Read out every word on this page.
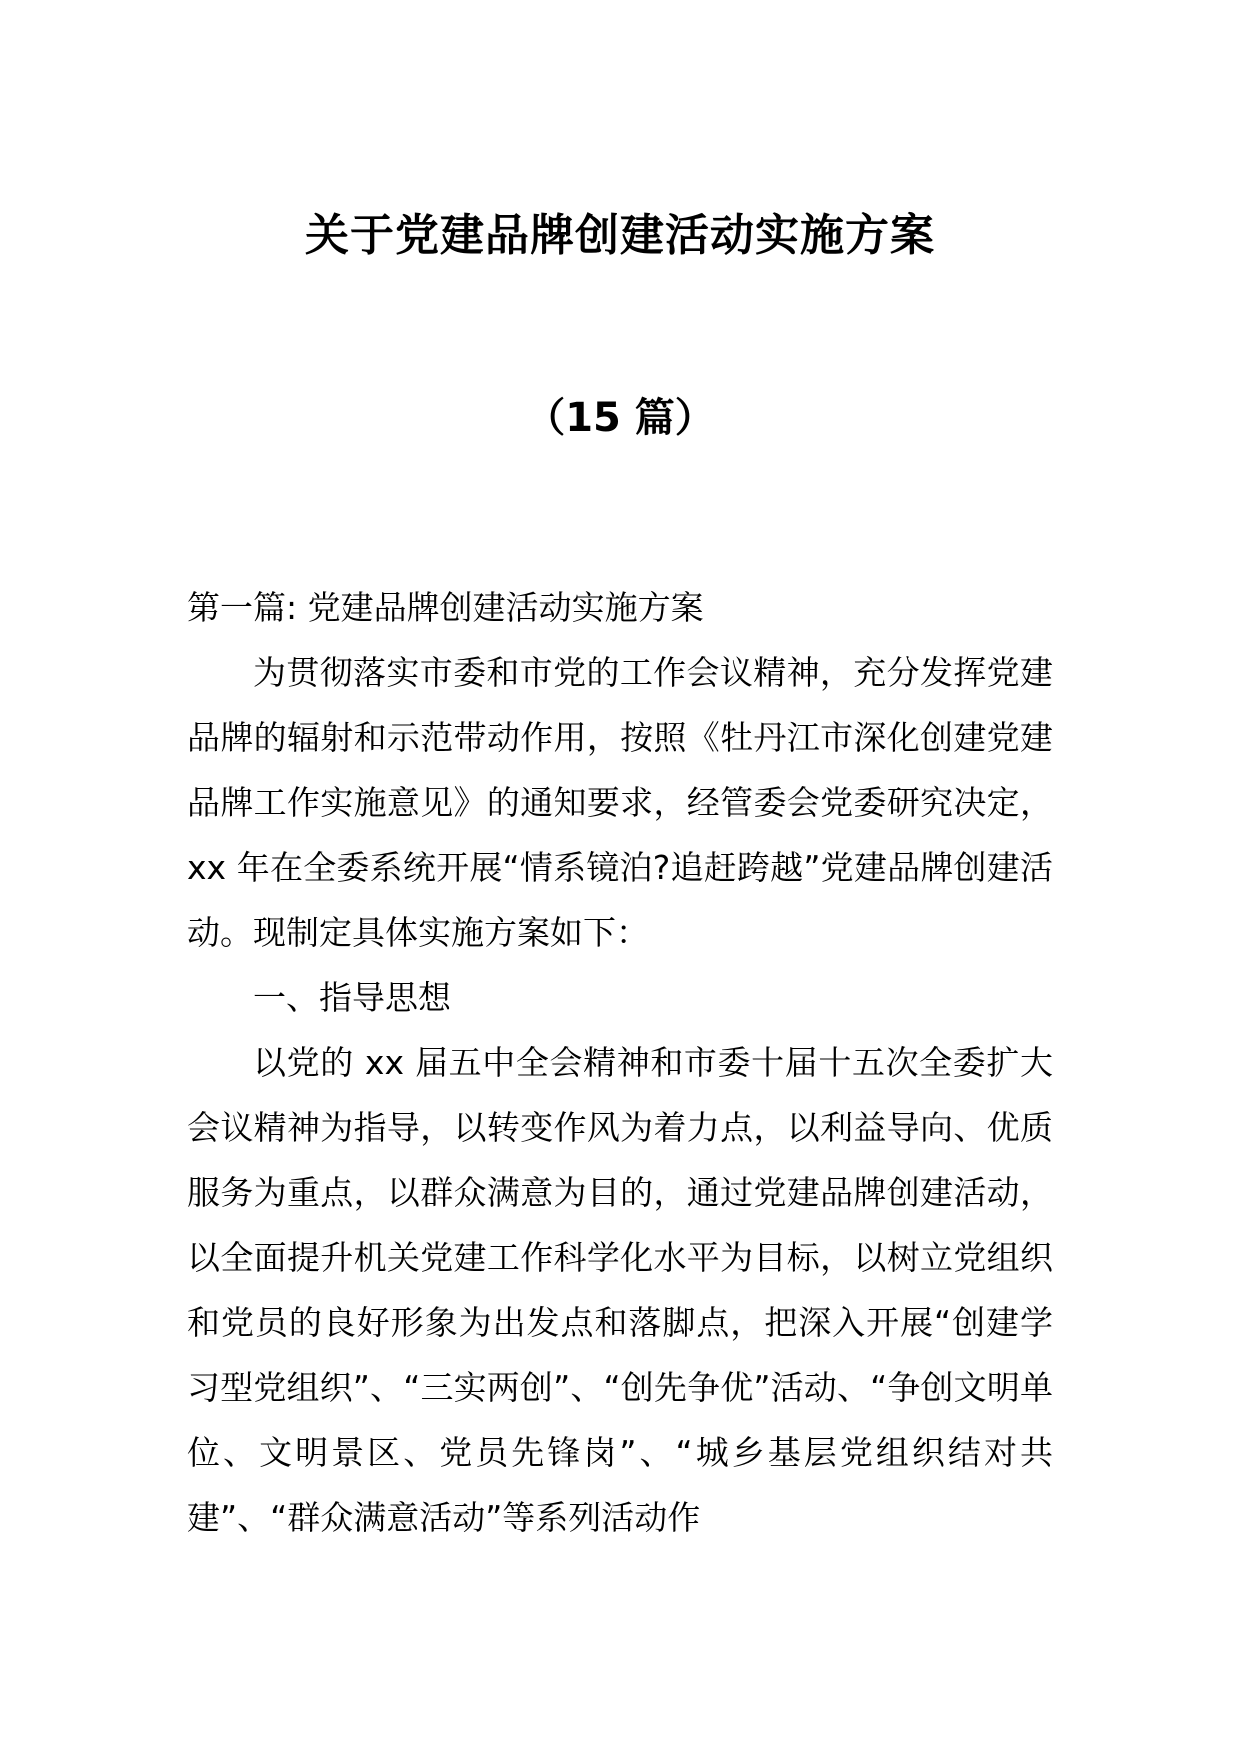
关于党建品牌创建活动实施方案
（15 篇）

第一篇: 党建品牌创建活动实施方案

为贯彻落实市委和市党的工作会议精神，充分发挥党建品牌的辐射和示范带动作用，按照《牡丹江市深化创建党建品牌工作实施意见》的通知要求，经管委会党委研究决定，xx 年在全委系统开展“情系镜泊?追赶跨越”党建品牌创建活动。现制定具体实施方案如下：

一、指导思想

以党的 xx 届五中全会精神和市委十届十五次全委扩大会议精神为指导，以转变作风为着力点，以利益导向、优质服务为重点，以群众满意为目的，通过党建品牌创建活动，以全面提升机关党建工作科学化水平为目标，以树立党组织和党员的良好形象为出发点和落脚点，把深入开展“创建学习型党组织”、“三实两创”、“创先争优”活动、“争创文明单位、文明景区、党员先锋岗”、“城乡基层党组织结对共建”、“群众满意活动”等系列活动作
